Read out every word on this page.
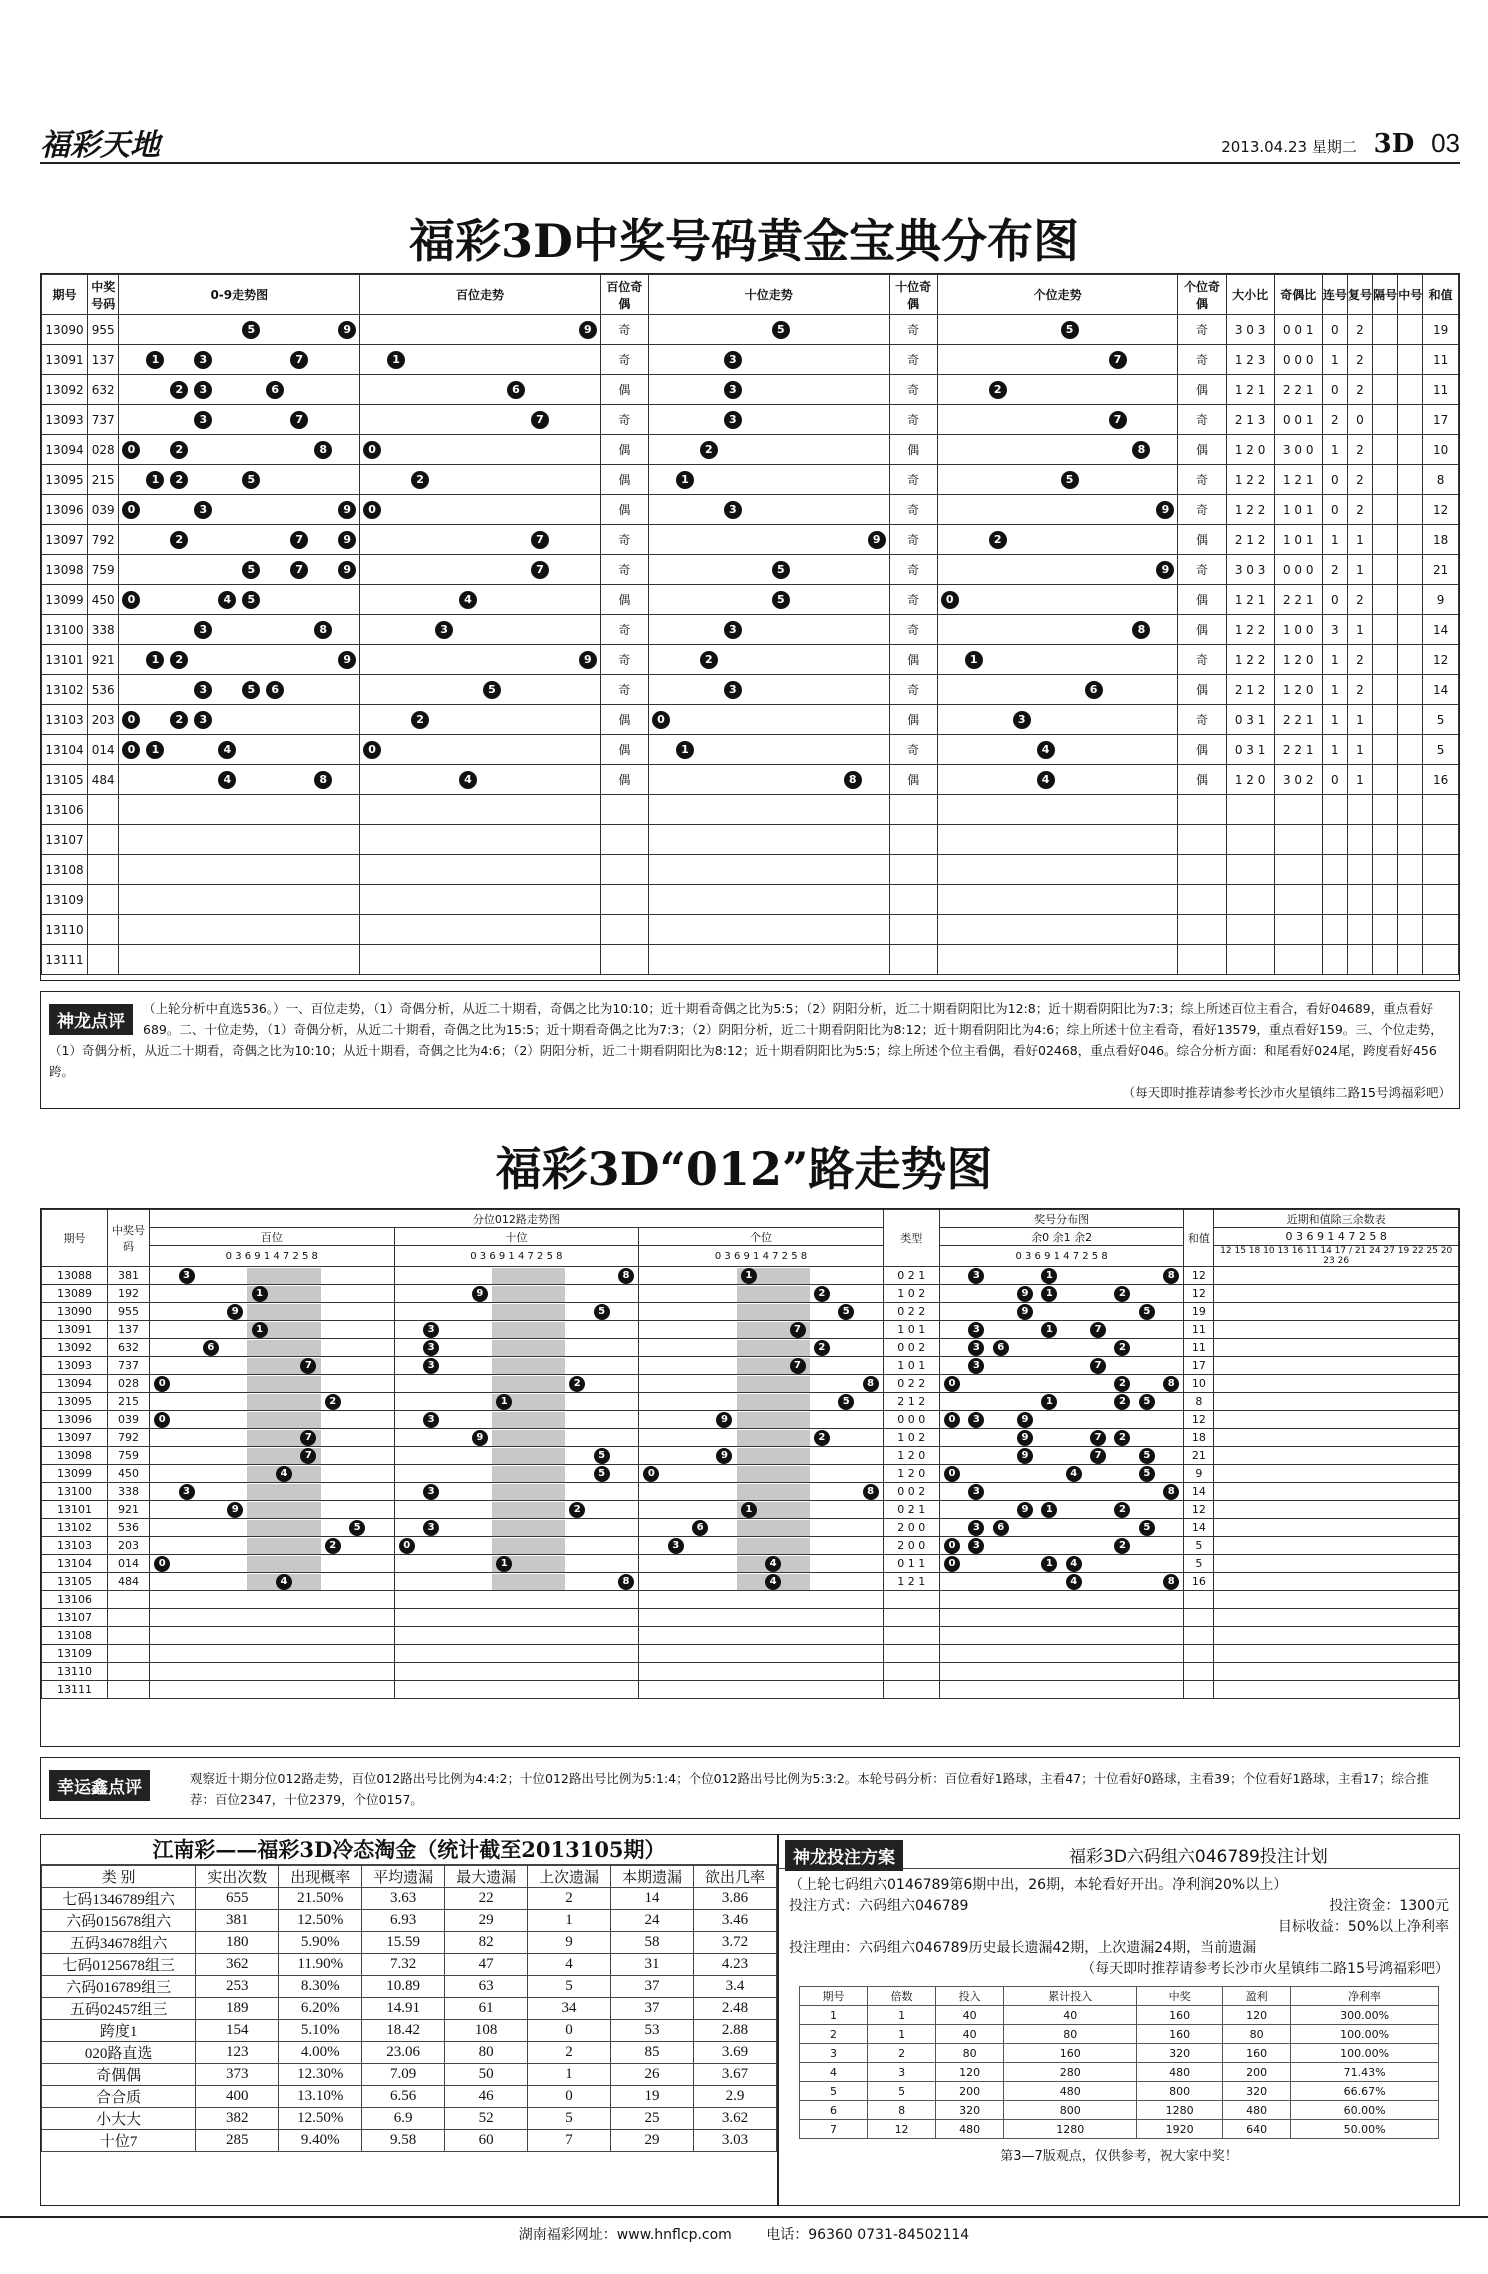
福彩天地	2013.04.23 星期二 3D 03
福彩3D中奖号码黄金宝典分布图
期号	中奖号码	0-9走势图	百位走势	百位奇偶	十位走势	十位奇偶	个位走势	个位奇偶	大小比	奇偶比	连号	复号	隔号	中号	和值
13090	955	5 9	9	奇	5	奇	5	奇	3 0 3	0 0 1	0	2			19
13091	137	1 3 7	1	奇	3	奇	7	奇	1 2 3	0 0 0	1	2			11
13092	632	2 3 6	6	偶	3	奇	2	偶	1 2 1	2 2 1	0	2			11
13093	737	3 7	7	奇	3	奇	7	奇	2 1 3	0 0 1	2	0			17
13094	028	0 2 8	0	偶	2	偶	8	偶	1 2 0	3 0 0	1	2			10
13095	215	1 2 5	2	偶	1	奇	5	奇	1 2 2	1 2 1	0	2			8
13096	039	0 3 9	0	偶	3	奇	9	奇	1 2 2	1 0 1	0	2			12
13097	792	2 7 9	7	奇	9	奇	2	偶	2 1 2	1 0 1	1	1			18
13098	759	5 7 9	7	奇	5	奇	9	奇	3 0 3	0 0 0	2	1			21
13099	450	0 4 5	4	偶	5	奇	0	偶	1 2 1	2 2 1	0	2			9
13100	338	3 8	3	奇	3	奇	8	偶	1 2 2	1 0 0	3	1			14
13101	921	1 2 9	9	奇	2	偶	1	奇	1 2 2	1 2 0	1	2			12
13102	536	3 5 6	5	奇	3	奇	6	偶	2 1 2	1 2 0	1	2			14
13103	203	0 2 3	2	偶	0	偶	3	奇	0 3 1	2 2 1	1	1			5
13104	014	0 1 4	0	偶	1	奇	4	偶	0 3 1	2 2 1	1	1			5
13105	484	4 8	4	偶	8	偶	4	偶	1 2 0	3 0 2	0	1			16
13106															
13107															
13108															
13109															
13110															
13111															
神龙点评
（上轮分析中直选536。）一、百位走势，（1）奇偶分析，从近二十期看，奇偶之比为10:10；近十期看奇偶之比为5:5；（2）阴阳分析，近二十期看阴阳比为12:8；近十期看阴阳比为7:3；综上所述百位主看合，看好04689，重点看好689。二、十位走势，（1）奇偶分析，从近二十期看，奇偶之比为15:5；近十期看奇偶之比为7:3；（2）阴阳分析，近二十期看阴阳比为8:12；近十期看阴阳比为4:6；综上所述十位主看奇，看好13579，重点看好159。三、个位走势，（1）奇偶分析，从近二十期看，奇偶之比为10:10；从近十期看，奇偶之比为4:6；（2）阴阳分析，近二十期看阴阳比为8:12；近十期看阴阳比为5:5；综上所述个位主看偶，看好02468，重点看好046。综合分析方面：和尾看好024尾，跨度看好456跨。
（每天即时推荐请参考长沙市火星镇纬二路15号鸿福彩吧）
福彩3D“012”路走势图
期号	中奖号码	分位012路走势图			类型	奖号分布图	和值	近期和值除三余数表
		百位	十位	个位		余0 余1 余2		0 3 6 9 1 4 7 2 5 8
		0 3 6 9 1 4 7 2 5 8	0 3 6 9 1 4 7 2 5 8	0 3 6 9 1 4 7 2 5 8		0 3 6 9 1 4 7 2 5 8		12 15 18 10 13 16 11 14 17 / 21 24 27 19 22 25 20 23 26
13088	381	3	8	1	0 2 1	3 1 8	12	
13089	192	1	9	2	1 0 2	9 1 2	12	
13090	955	9	5	5	0 2 2	9 5	19	
13091	137	1	3	7	1 0 1	3 1 7	11	
13092	632	6	3	2	0 0 2	3 6 2	11	
13093	737	7	3	7	1 0 1	3 7	17	
13094	028	0	2	8	0 2 2	0 2 8	10	
13095	215	2	1	5	2 1 2	1 2 5	8	
13096	039	0	3	9	0 0 0	0 3 9	12	
13097	792	7	9	2	1 0 2	9 7 2	18	
13098	759	7	5	9	1 2 0	9 7 5	21	
13099	450	4	5	0	1 2 0	0 4 5	9	
13100	338	3	3	8	0 0 2	3 8	14	
13101	921	9	2	1	0 2 1	9 1 2	12	
13102	536	5	3	6	2 0 0	3 6 5	14	
13103	203	2	0	3	2 0 0	0 3 2	5	
13104	014	0	1	4	0 1 1	0 1 4	5	
13105	484	4	8	4	1 2 1	4 8	16	
13106								
13107								
13108								
13109								
13110								
13111								
幸运鑫点评	观察近十期分位012路走势，百位012路出号比例为4:4:2；十位012路出号比例为5:1:4；个位012路出号比例为5:3:2。本轮号码分析：百位看好1路球，主看47；十位看好0路球，主看39；个位看好1路球，主看17；综合推荐：百位2347，十位2379，个位0157。
江南彩——福彩3D冷态淘金（统计截至2013105期）
类 别	实出次数	出现概率	平均遗漏	最大遗漏	上次遗漏	本期遗漏	欲出几率
七码1346789组六	655	21.50%	3.63	22	2	14	3.86
六码015678组六	381	12.50%	6.93	29	1	24	3.46
五码34678组六	180	5.90%	15.59	82	9	58	3.72
七码0125678组三	362	11.90%	7.32	47	4	31	4.23
六码016789组三	253	8.30%	10.89	63	5	37	3.4
五码02457组三	189	6.20%	14.91	61	34	37	2.48
跨度1	154	5.10%	18.42	108	0	53	2.88
020路直选	123	4.00%	23.06	80	2	85	3.69
奇偶偶	373	12.30%	7.09	50	1	26	3.67
合合质	400	13.10%	6.56	46	0	19	2.9
小大大	382	12.50%	6.9	52	5	25	3.62
十位7	285	9.40%	9.58	60	7	29	3.03
神龙投注方案	福彩3D六码组六046789投注计划
（上轮七码组六0146789第6期中出，26期，本轮看好开出。净利润20%以上）
投注方式：六码组六046789	投注资金：1300元
目标收益：50%以上净利率
投注理由：六码组六046789历史最长遗漏42期，上次遗漏24期，当前遗漏
（每天即时推荐请参考长沙市火星镇纬二路15号鸿福彩吧）
期号	倍数	投入	累计投入	中奖	盈利	净利率
1	1	40	40	160	120	300.00%
2	1	40	80	160	80	100.00%
3	2	80	160	320	160	100.00%
4	3	120	280	480	200	71.43%
5	5	200	480	800	320	66.67%
6	8	320	800	1280	480	60.00%
7	12	480	1280	1920	640	50.00%
第3—7版观点，仅供参考，祝大家中奖！
湖南福彩网址：www.hnflcp.com 电话：96360 0731-84502114
